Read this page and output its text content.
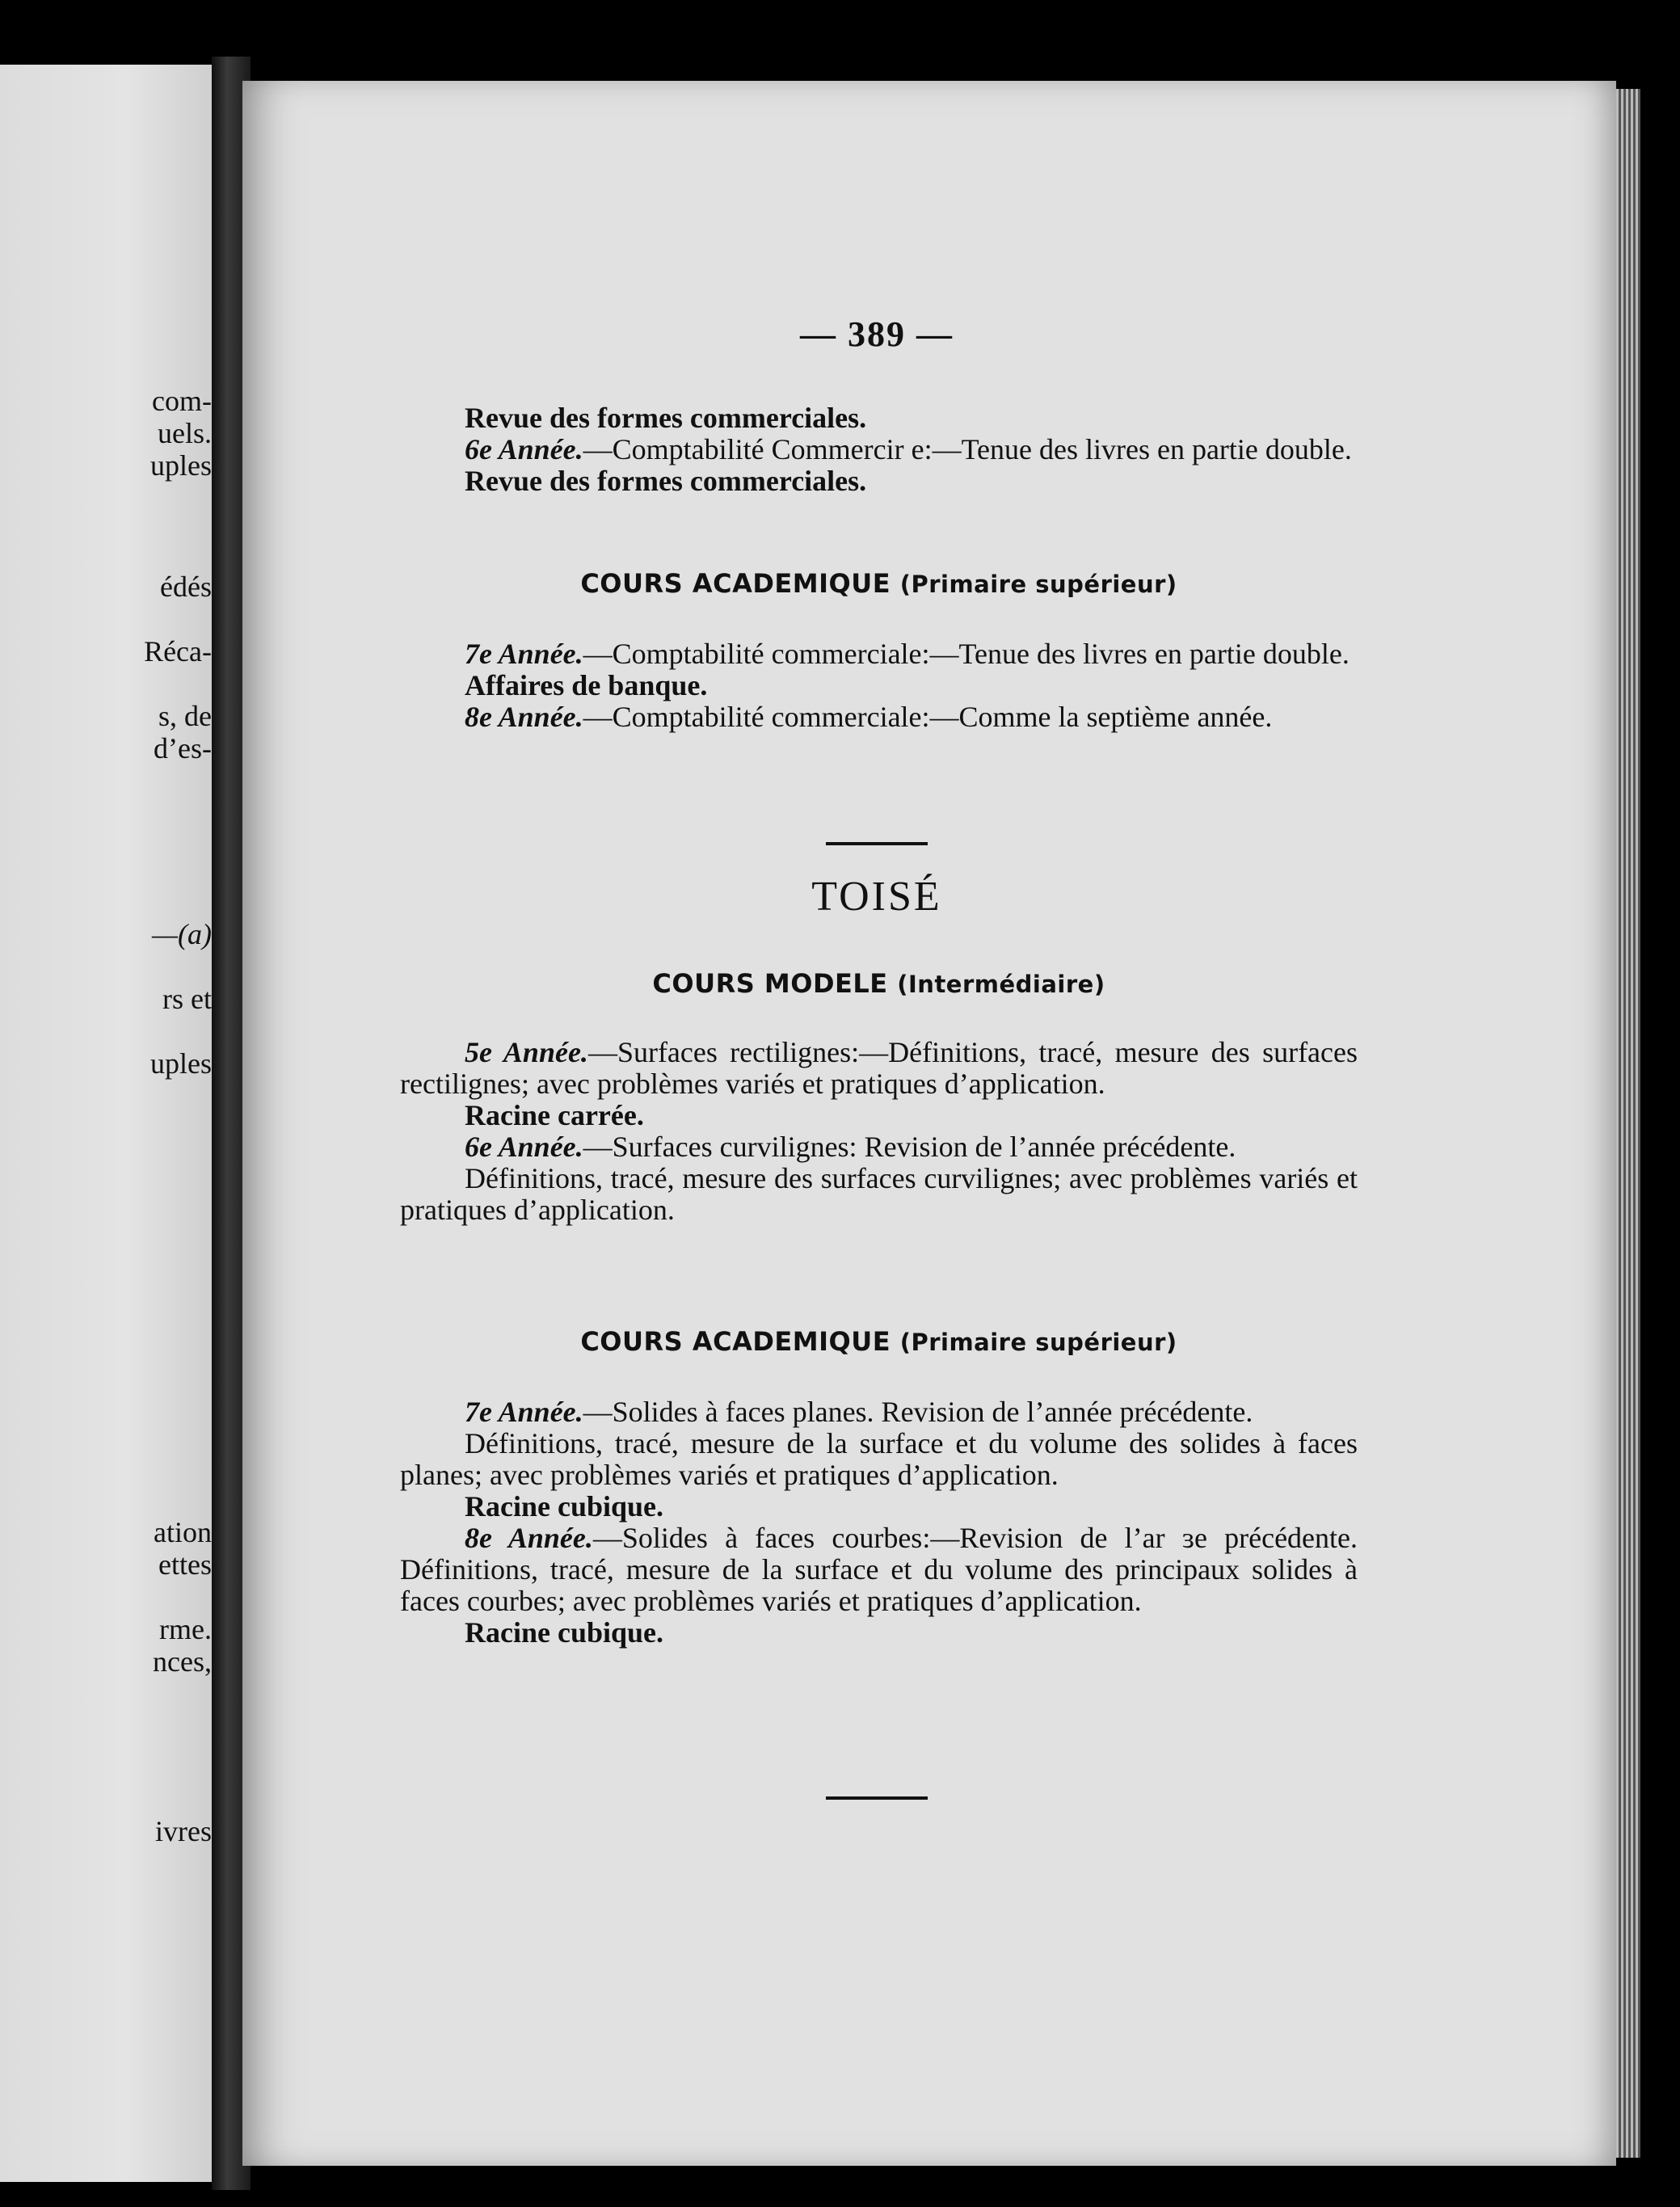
com-
uels.
uples
édés
Réca-
s, de
d’es-
—(a)
rs et
uples
ation
ettes
rme.
nces,
ivres
— 389 —

Revue des formes commerciales.

6e Année.—Comptabilité Commercir e:—Tenue des livres en partie double.

Revue des formes commerciales.

COURS ACADEMIQUE (Primaire supérieur)

7e Année.—Comptabilité commerciale:—Tenue des livres en partie double.

Affaires de banque.

8e Année.—Comptabilité commerciale:—Comme la septième année.

TOISÉ

COURS MODELE (Intermédiaire)

5e Année.—Surfaces rectilignes:—Définitions, tracé, mesure des surfaces rectilignes; avec problèmes variés et pratiques d’application.

Racine carrée.

6e Année.—Surfaces curvilignes: Revision de l’année précédente.

Définitions, tracé, mesure des surfaces curvilignes; avec problèmes variés et pratiques d’application.

COURS ACADEMIQUE (Primaire supérieur)

7e Année.—Solides à faces planes. Revision de l’année précédente.

Définitions, tracé, mesure de la surface et du volume des solides à faces planes; avec problèmes variés et pratiques d’application.

Racine cubique.

8e Année.—Solides à faces courbes:—Revision de l’ar ɜe précédente. Définitions, tracé, mesure de la surface et du volume des principaux solides à faces courbes; avec problèmes variés et pratiques d’application.

Racine cubique.
